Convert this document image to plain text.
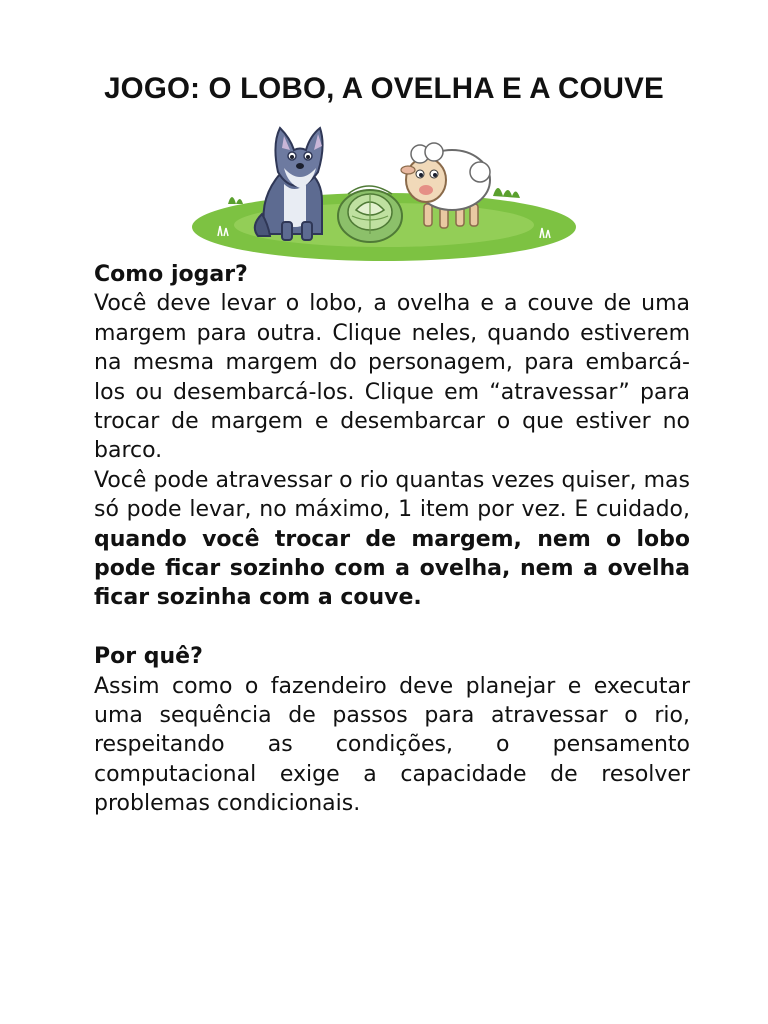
JOGO: O LOBO, A OVELHA E A COUVE

Como jogar?

Você deve levar o lobo, a ovelha e a couve de uma margem para outra. Clique neles, quando estiverem na mesma margem do personagem, para embarcá-los ou desembarcá-los. Clique em “atravessar” para trocar de margem e desembarcar o que estiver no barco.

Você pode atravessar o rio quantas vezes quiser, mas só pode levar, no máximo, 1 item por vez. E cuidado, quando você trocar de margem, nem o lobo pode ficar sozinho com a ovelha, nem a ovelha ficar sozinha com a couve.

Por quê?

Assim como o fazendeiro deve planejar e executar uma sequência de passos para atravessar o rio, respeitando as condições, o pensamento computacional exige a capacidade de resolver problemas condicionais.
